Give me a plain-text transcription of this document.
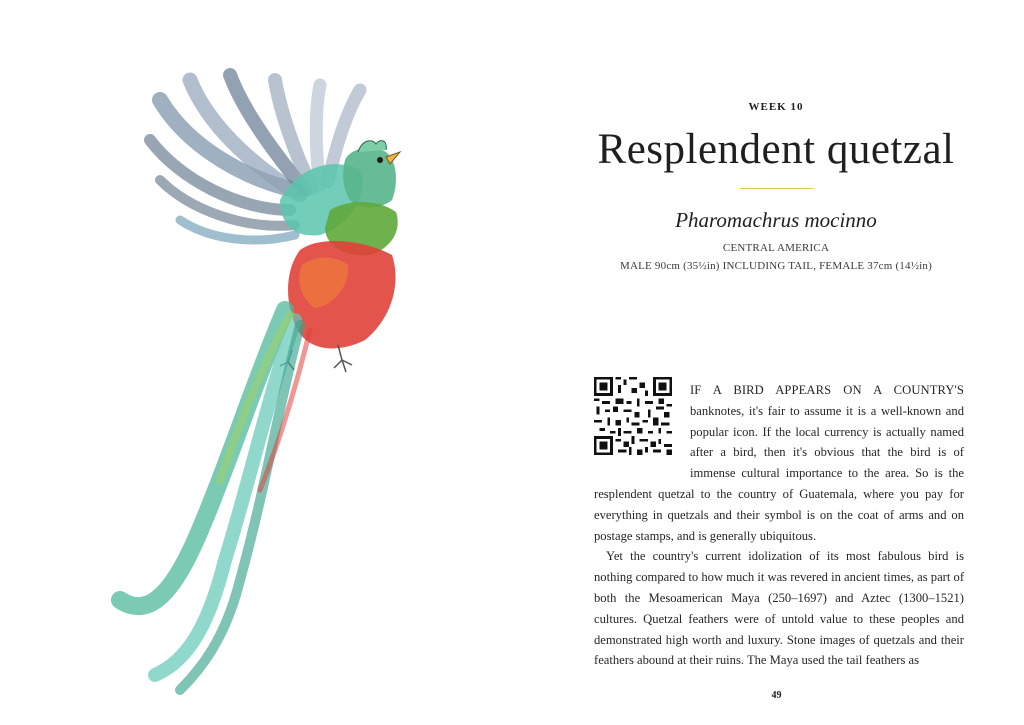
WEEK 10
Resplendent quetzal
Pharomachrus mocinno
CENTRAL AMERICA
MALE 90cm (35½in) INCLUDING TAIL, FEMALE 37cm (14½in)

IF A BIRD APPEARS ON A COUNTRY'S banknotes, it's fair to assume it is a well-known and popular icon. If the local currency is actually named after a bird, then it's obvious that the bird is of immense cultural importance to the area. So is the resplendent quetzal to the country of Guatemala, where you pay for everything in quetzals and their symbol is on the coat of arms and on postage stamps, and is generally ubiquitous.

Yet the country's current idolization of its most fabulous bird is nothing compared to how much it was revered in ancient times, as part of both the Mesoamerican Maya (250–1697) and Aztec (1300–1521) cultures. Quetzal feathers were of untold value to these peoples and demonstrated high worth and luxury. Stone images of quetzals and their feathers abound at their ruins. The Maya used the tail feathers as

49
